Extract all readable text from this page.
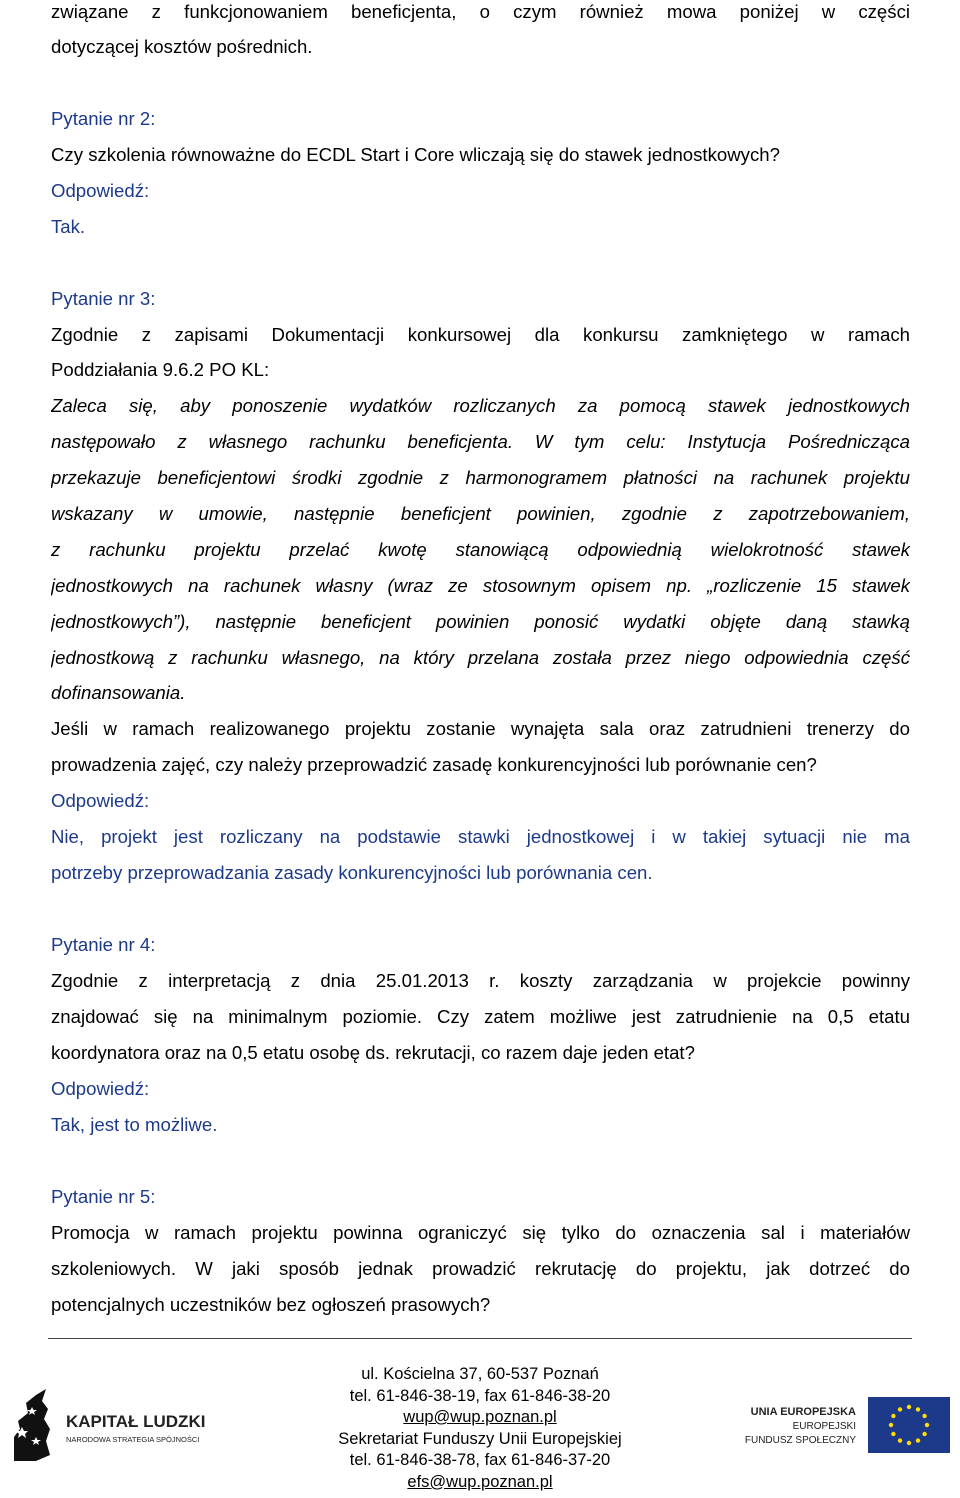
związane z funkcjonowaniem beneficjenta, o czym również mowa poniżej w części
dotyczącej kosztów pośrednich.
Pytanie nr 2:
Czy szkolenia równoważne do ECDL Start i Core wliczają się do stawek jednostkowych?
Odpowiedź:
Tak.
Pytanie nr 3:
Zgodnie z zapisami Dokumentacji konkursowej dla konkursu zamkniętego w ramach
Poddziałania 9.6.2 PO KL:
Zaleca się, aby ponoszenie wydatków rozliczanych za pomocą stawek jednostkowych
następowało z własnego rachunku beneficjenta. W tym celu: Instytucja Pośrednicząca
przekazuje beneficjentowi środki zgodnie z harmonogramem płatności na rachunek projektu
wskazany w umowie, następnie beneficjent powinien, zgodnie z zapotrzebowaniem,
z rachunku projektu przelać kwotę stanowiącą odpowiednią wielokrotność stawek
jednostkowych na rachunek własny (wraz ze stosownym opisem np. „rozliczenie 15 stawek
jednostkowych”), następnie beneficjent powinien ponosić wydatki objęte daną stawką
jednostkową z rachunku własnego, na który przelana została przez niego odpowiednia część
dofinansowania.
Jeśli w ramach realizowanego projektu zostanie wynajęta sala oraz zatrudnieni trenerzy do
prowadzenia zajęć, czy należy przeprowadzić zasadę konkurencyjności lub porównanie cen?
Odpowiedź:
Nie, projekt jest rozliczany na podstawie stawki jednostkowej i w takiej sytuacji nie ma
potrzeby przeprowadzania zasady konkurencyjności lub porównania cen.
Pytanie nr 4:
Zgodnie z interpretacją z dnia 25.01.2013 r. koszty zarządzania w projekcie powinny
znajdować się na minimalnym poziomie. Czy zatem możliwe jest zatrudnienie na 0,5 etatu
koordynatora oraz na 0,5 etatu osobę ds. rekrutacji, co razem daje jeden etat?
Odpowiedź:
Tak, jest to możliwe.
Pytanie nr 5:
Promocja w ramach projektu powinna ograniczyć się tylko do oznaczenia sal i materiałów
szkoleniowych. W jaki sposób jednak prowadzić rekrutację do projektu, jak dotrzeć do
potencjalnych uczestników bez ogłoszeń prasowych?
KAPITAŁ LUDZKI
NARODOWA STRATEGIA SPÓJNOŚCI
ul. Kościelna 37, 60-537 Poznań
tel. 61-846-38-19, fax 61-846-38-20
wup@wup.poznan.pl
Sekretariat Funduszy Unii Europejskiej
tel. 61-846-38-78, fax 61-846-37-20
efs@wup.poznan.pl
UNIA EUROPEJSKA
EUROPEJSKI
FUNDUSZ SPOŁECZNY
